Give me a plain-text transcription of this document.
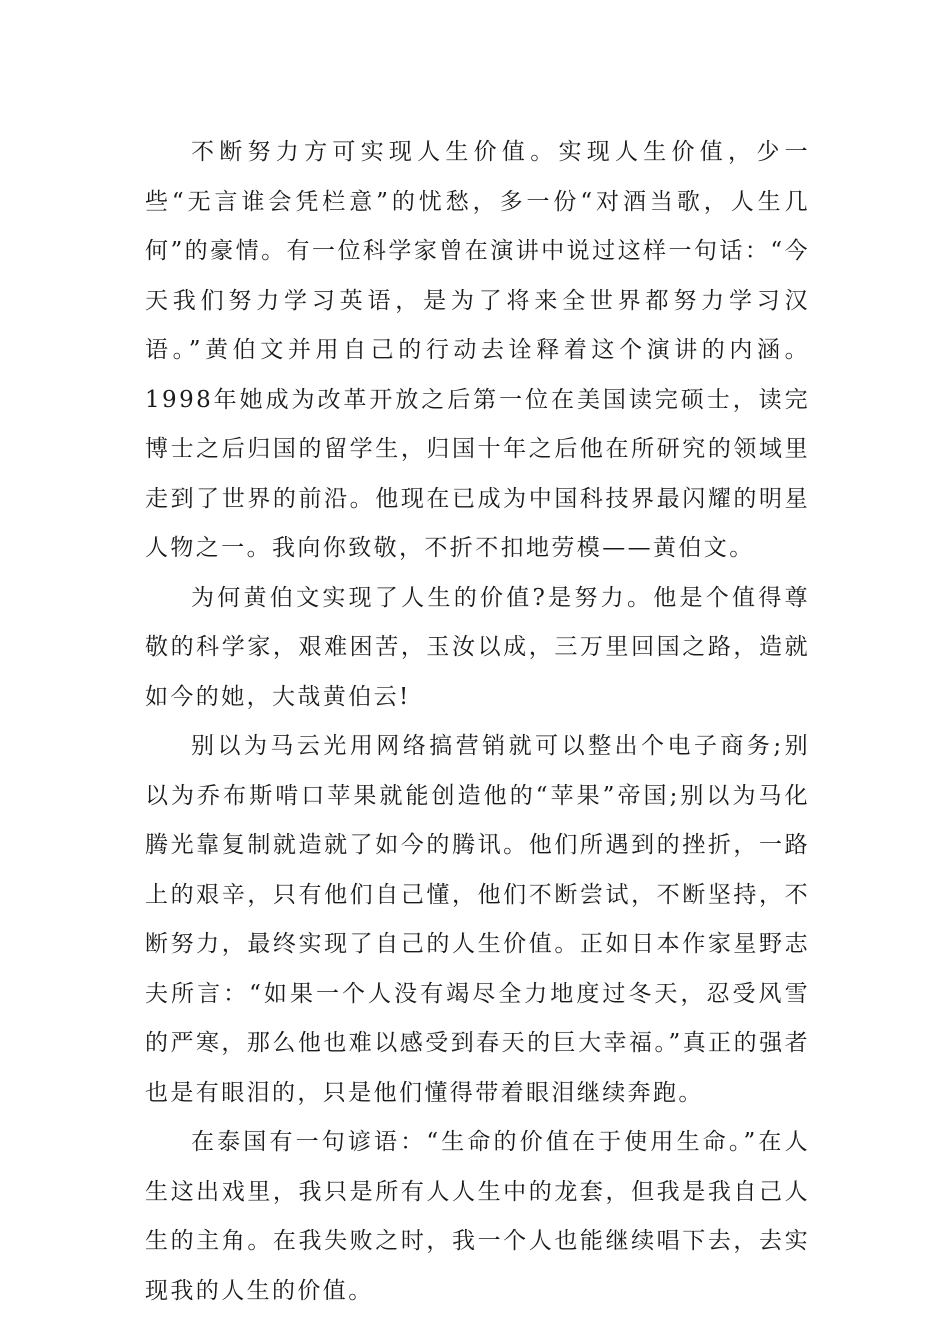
不断努力方可实现人生价值。实现人生价值，少一些“无言谁会凭栏意”的忧愁，多一份“对酒当歌，人生几何”的豪情。有一位科学家曾在演讲中说过这样一句话：“今天我们努力学习英语，是为了将来全世界都努力学习汉语。”黄伯文并用自己的行动去诠释着这个演讲的内涵。1998年她成为改革开放之后第一位在美国读完硕士，读完博士之后归国的留学生，归国十年之后他在所研究的领域里走到了世界的前沿。他现在已成为中国科技界最闪耀的明星人物之一。我向你致敬，不折不扣地劳模——黄伯文。

为何黄伯文实现了人生的价值?是努力。他是个值得尊敬的科学家，艰难困苦，玉汝以成，三万里回国之路，造就如今的她，大哉黄伯云!

别以为马云光用网络搞营销就可以整出个电子商务;别以为乔布斯啃口苹果就能创造他的“苹果”帝国;别以为马化腾光靠复制就造就了如今的腾讯。他们所遇到的挫折，一路上的艰辛，只有他们自己懂，他们不断尝试，不断坚持，不断努力，最终实现了自己的人生价值。正如日本作家星野志夫所言：“如果一个人没有竭尽全力地度过冬天，忍受风雪的严寒，那么他也难以感受到春天的巨大幸福。”真正的强者也是有眼泪的，只是他们懂得带着眼泪继续奔跑。

在泰国有一句谚语：“生命的价值在于使用生命。”在人生这出戏里，我只是所有人人生中的龙套，但我是我自己人生的主角。在我失败之时，我一个人也能继续唱下去，去实现我的人生的价值。
